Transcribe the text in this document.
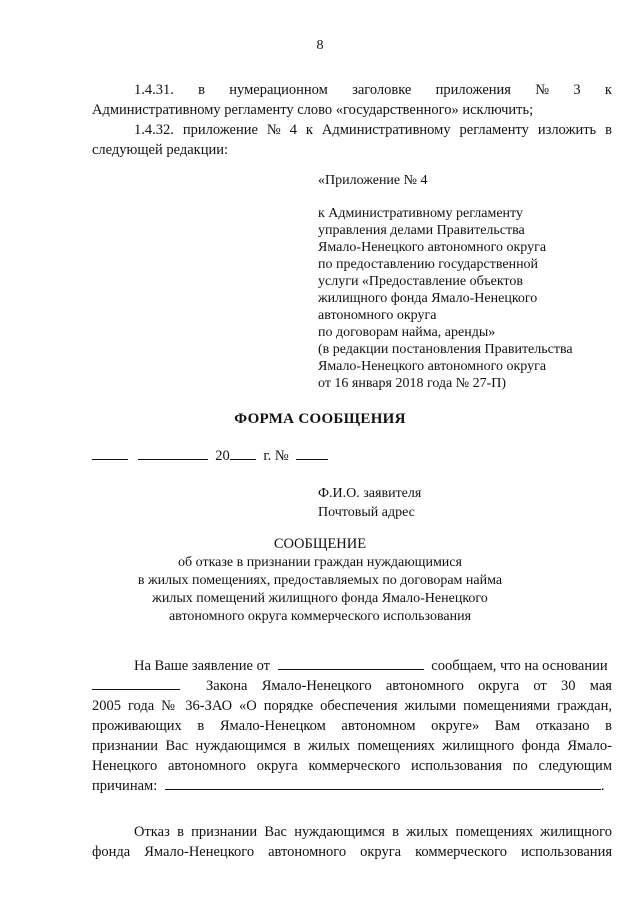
8
1.4.31. в нумерационном заголовке приложения № 3 к
Административному регламенту слово «государственного» исключить;
1.4.32. приложение № 4 к Административному регламенту изложить в
следующей редакции:
«Приложение № 4
к Административному регламенту
управления делами Правительства
Ямало-Ненецкого автономного округа
по предоставлению государственной
услуги «Предоставление объектов
жилищного фонда Ямало-Ненецкого
автономного округа
по договорам найма, аренды»
(в редакции постановления Правительства
Ямало-Ненецкого автономного округа
от 16 января 2018 года № 27-П)
ФОРМА СООБЩЕНИЯ
20 г. №
Ф.И.О. заявителя
Почтовый адрес
СООБЩЕНИЕ
об отказе в признании граждан нуждающимися
в жилых помещениях, предоставляемых по договорам найма
жилых помещений жилищного фонда Ямало-Ненецкого
автономного округа коммерческого использования
На Ваше заявление от	сообщаем, что на основании
Закона Ямало-Ненецкого автономного округа от 30 мая
2005 года № 36-ЗАО «О порядке обеспечения жилыми помещениями граждан,
проживающих в Ямало-Ненецком автономном округе» Вам отказано в
признании Вас нуждающимся в жилых помещениях жилищного фонда Ямало-
Ненецкого автономного округа коммерческого использования по следующим
причинам:	.
Отказ в признании Вас нуждающимся в жилых помещениях жилищного
фонда Ямало-Ненецкого автономного округа коммерческого использования
